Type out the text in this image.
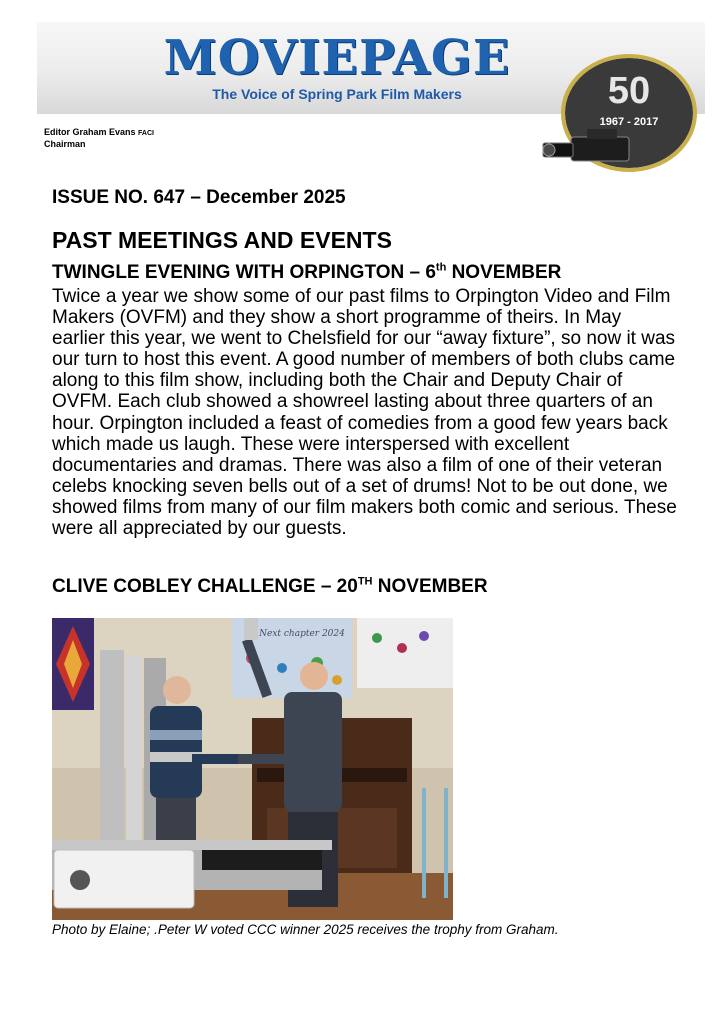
MOVIEPAGE
The Voice of Spring Park Film Makers	50
1967 - 2017
Editor Graham Evans FACI
Chairman
ISSUE NO. 647 – December 2025
PAST MEETINGS AND EVENTS
TWINGLE EVENING WITH ORPINGTON – 6th NOVEMBER
Twice a year we show some of our past films to Orpington Video and Film
Makers (OVFM) and they show a short programme of theirs. In May
earlier this year, we went to Chelsfield for our “away fixture”, so now it was
our turn to host this event. A good number of members of both clubs came
along to this film show, including both the Chair and Deputy Chair of
OVFM. Each club showed a showreel lasting about three quarters of an
hour. Orpington included a feast of comedies from a good few years back
which made us laugh. These were interspersed with excellent
documentaries and dramas. There was also a film of one of their veteran
celebs knocking seven bells out of a set of drums! Not to be out done, we
showed films from many of our film makers both comic and serious. These
were all appreciated by our guests.
CLIVE COBLEY CHALLENGE – 20TH NOVEMBER
Next chapter 2024
Photo by Elaine; .Peter W voted CCC winner 2025 receives the trophy from Graham.
